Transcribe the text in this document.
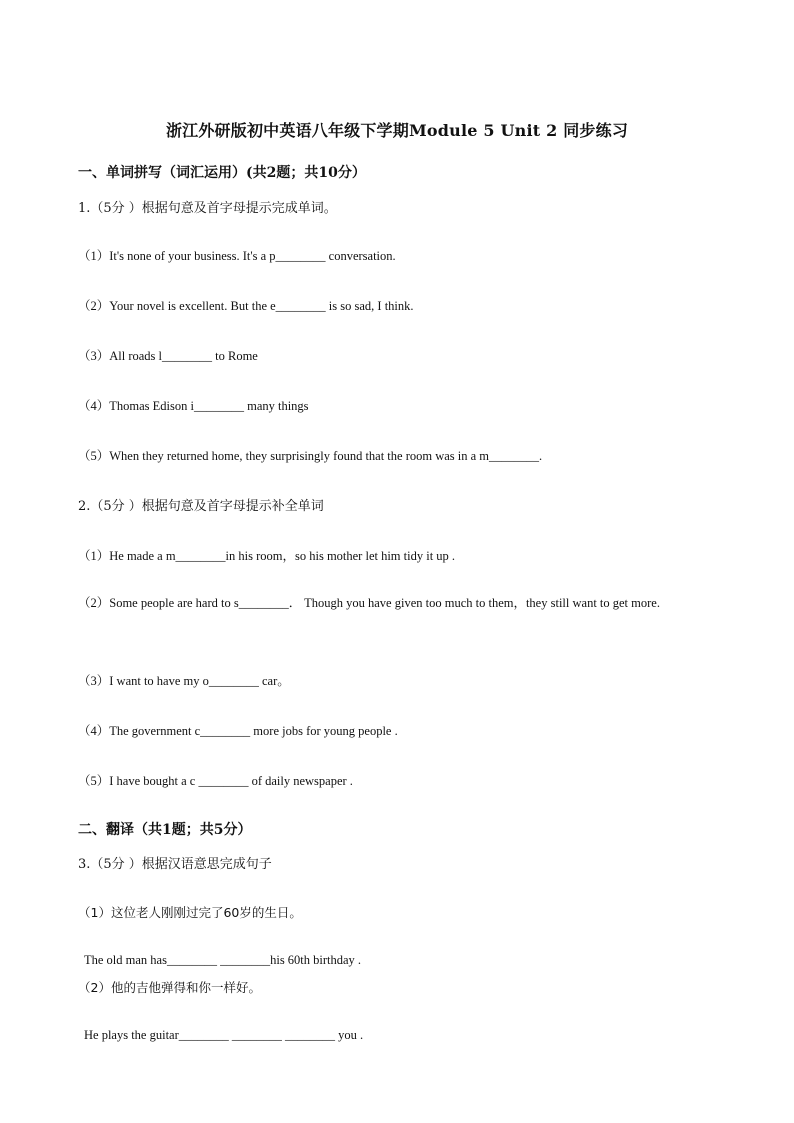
浙江外研版初中英语八年级下学期Module 5 Unit 2 同步练习
一、单词拼写（词汇运用）(共2题；共10分）
1.（5分 ）根据句意及首字母提示完成单词。
（1）It's none of your business. It's a p________ conversation.
（2）Your novel is excellent. But the e________ is so sad, I think.
（3）All roads l________ to Rome
（4）Thomas Edison i________ many things
（5）When they returned home, they surprisingly found that the room was in a m________.
2.（5分 ）根据句意及首字母提示补全单词
（1）He made a m________in his room，so his mother let him tidy it up .
（2）Some people are hard to s________． Though you have given too much to them，they still want to get more.
（3）I want to have my o________ car。
（4）The government c________ more jobs for young people .
（5）I have bought a c ________ of daily newspaper .
二、翻译（共1题；共5分）
3.（5分 ）根据汉语意思完成句子
（1）这位老人刚刚过完了60岁的生日。
The old man has________ ________his 60th birthday .
（2）他的吉他弹得和你一样好。
He plays the guitar________ ________ ________ you .
